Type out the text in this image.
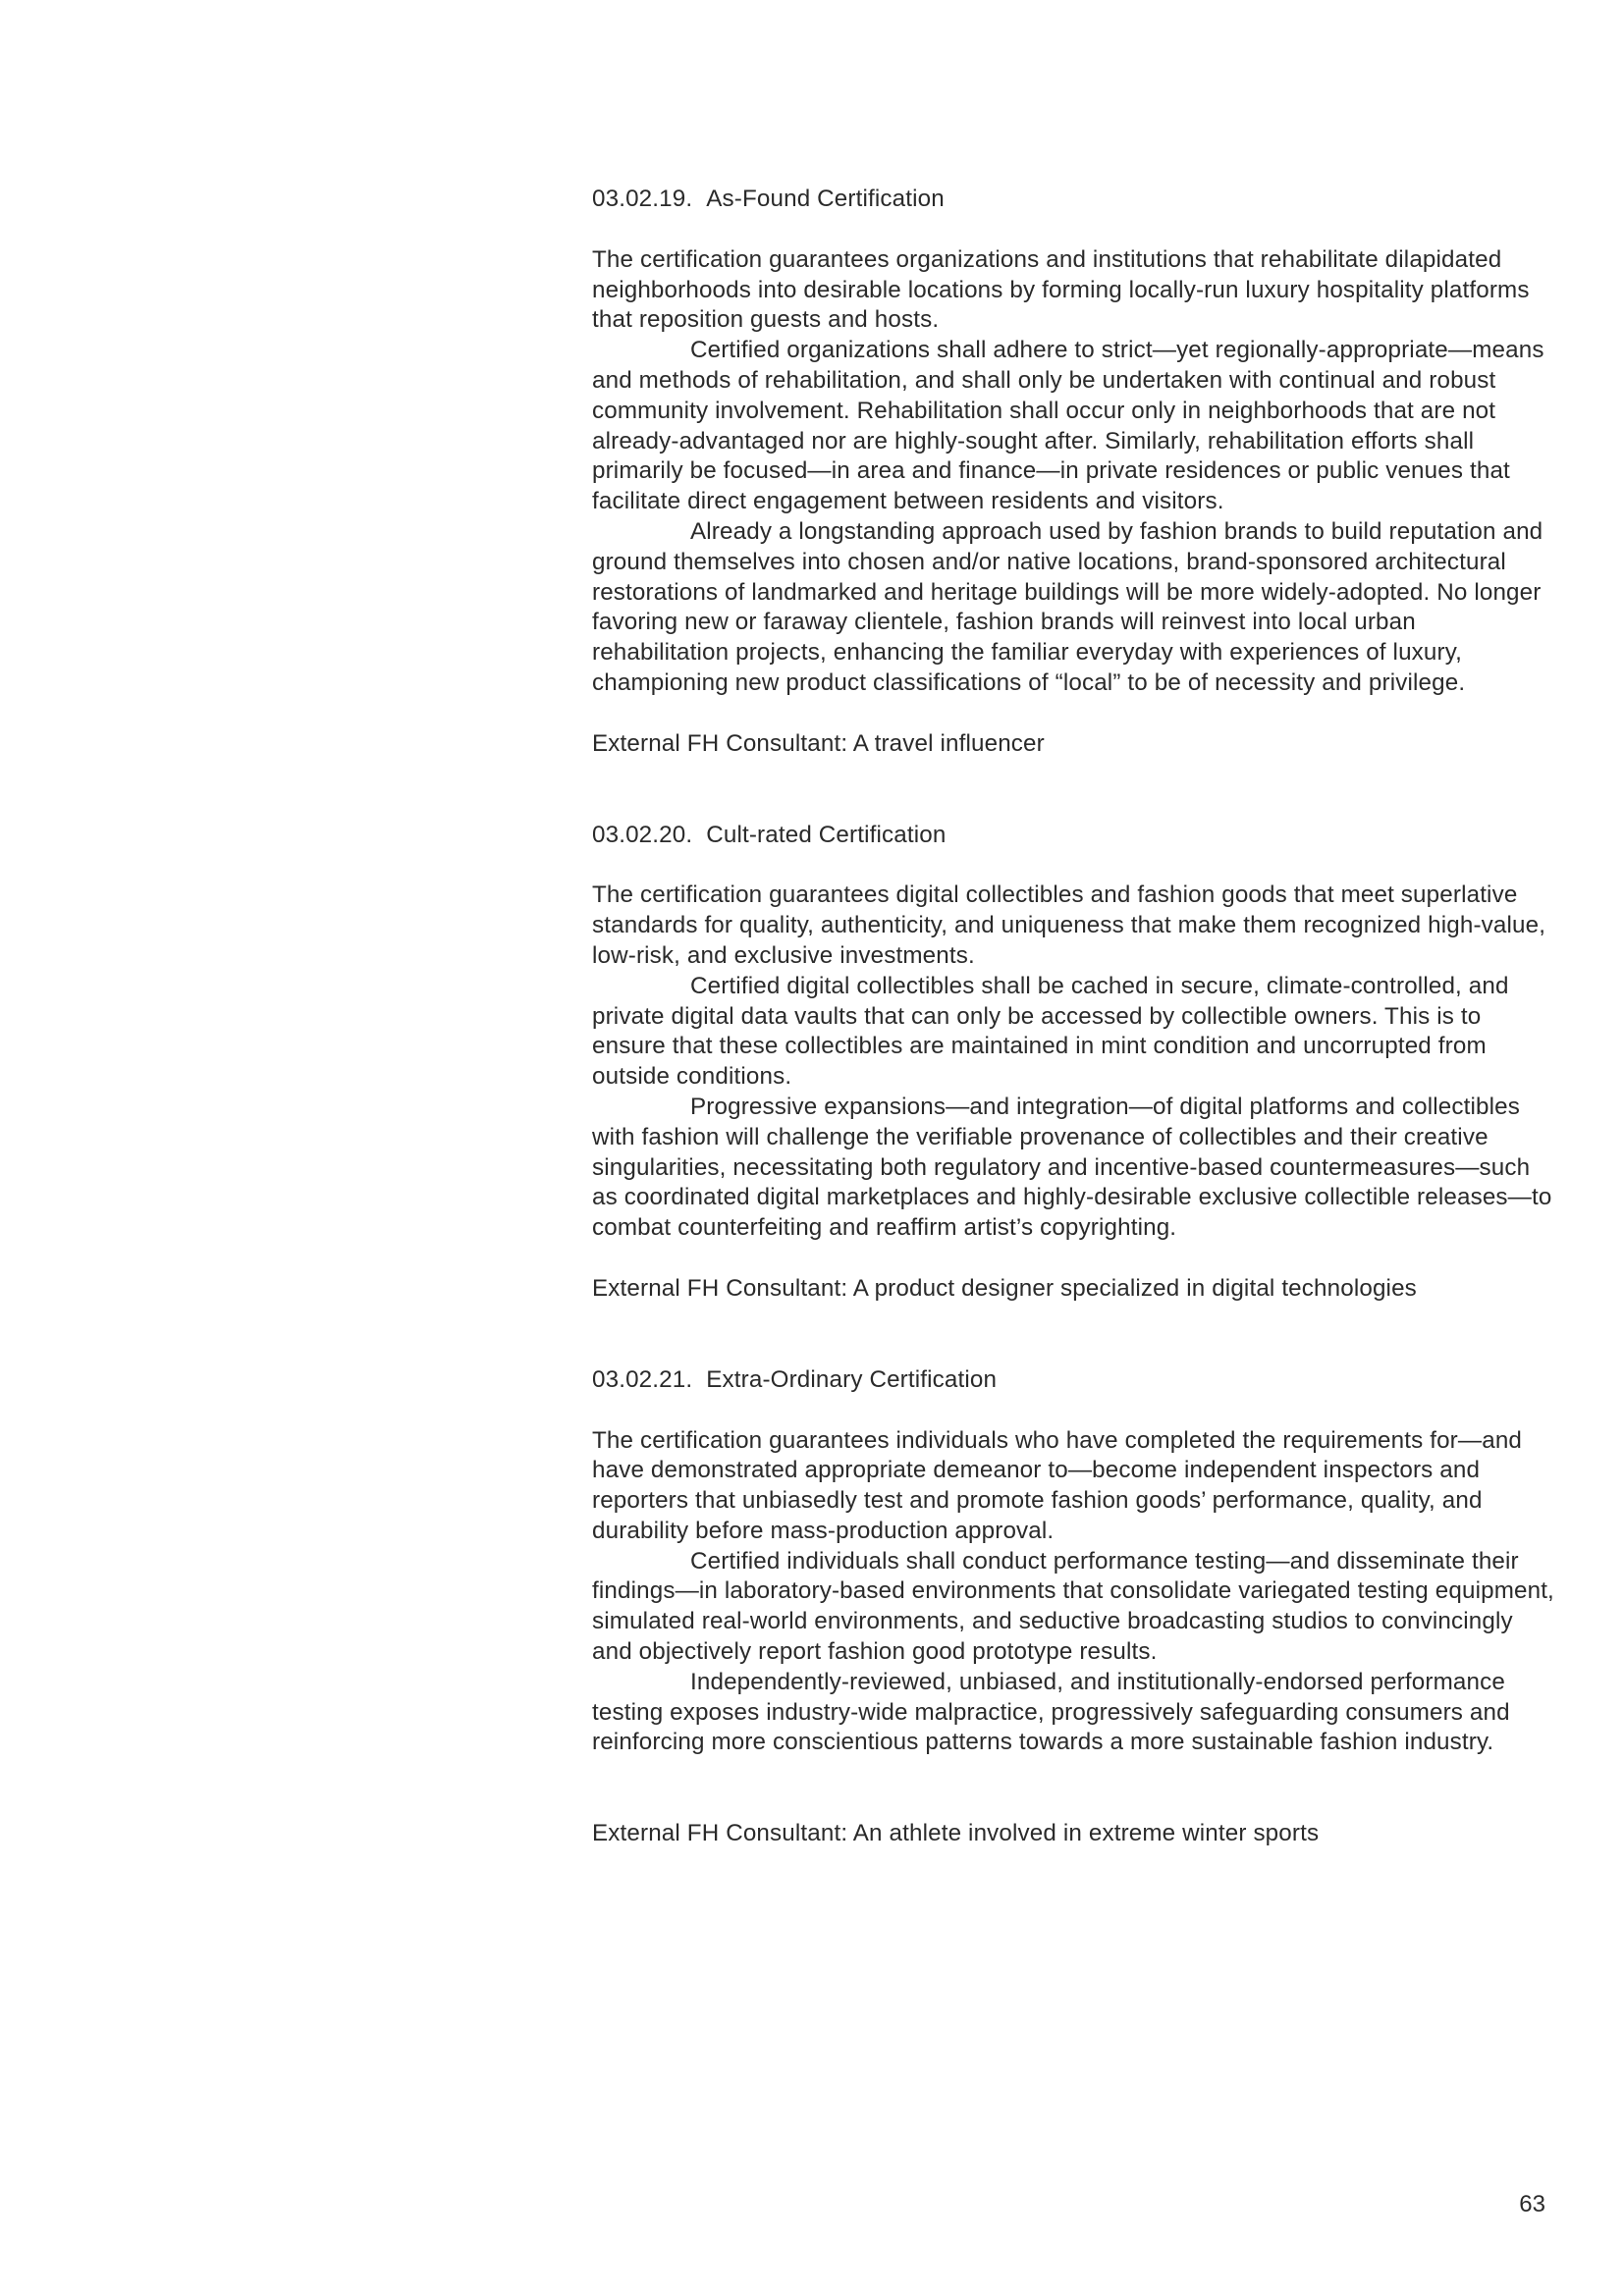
03.02.19. As-Found Certification

The certification guarantees organizations and institutions that rehabilitate dilapidated neighborhoods into desirable locations by forming locally-run luxury hospitality platforms that reposition guests and hosts.

Certified organizations shall adhere to strict—yet regionally-appropriate—means and methods of rehabilitation, and shall only be undertaken with continual and robust community involvement. Rehabilitation shall occur only in neighborhoods that are not already-advantaged nor are highly-sought after. Similarly, rehabilitation efforts shall primarily be focused—in area and finance—in private residences or public venues that facilitate direct engagement between residents and visitors.

Already a longstanding approach used by fashion brands to build reputation and ground themselves into chosen and/or native locations, brand-sponsored architectural restorations of landmarked and heritage buildings will be more widely-adopted. No longer favoring new or faraway clientele, fashion brands will reinvest into local urban rehabilitation projects, enhancing the familiar everyday with experiences of luxury, championing new product classifications of “local” to be of necessity and privilege.

External FH Consultant: A travel influencer

03.02.20. Cult-rated Certification

The certification guarantees digital collectibles and fashion goods that meet superlative standards for quality, authenticity, and uniqueness that make them recognized high-value, low-risk, and exclusive investments.

Certified digital collectibles shall be cached in secure, climate-controlled, and private digital data vaults that can only be accessed by collectible owners. This is to ensure that these collectibles are maintained in mint condition and uncorrupted from outside conditions.

Progressive expansions—and integration—of digital platforms and collectibles with fashion will challenge the verifiable provenance of collectibles and their creative singularities, necessitating both regulatory and incentive-based countermeasures—such as coordinated digital marketplaces and highly-desirable exclusive collectible releases—to combat counterfeiting and reaffirm artist’s copyrighting.

External FH Consultant: A product designer specialized in digital technologies

03.02.21. Extra-Ordinary Certification

The certification guarantees individuals who have completed the requirements for—and have demonstrated appropriate demeanor to—become independent inspectors and reporters that unbiasedly test and promote fashion goods’ performance, quality, and durability before mass-production approval.

Certified individuals shall conduct performance testing—and disseminate their findings—in laboratory-based environments that consolidate variegated testing equipment, simulated real-world environments, and seductive broadcasting studios to convincingly and objectively report fashion good prototype results.

Independently-reviewed, unbiased, and institutionally-endorsed performance testing exposes industry-wide malpractice, progressively safeguarding consumers and reinforcing more conscientious patterns towards a more sustainable fashion industry.

External FH Consultant: An athlete involved in extreme winter sports

63
